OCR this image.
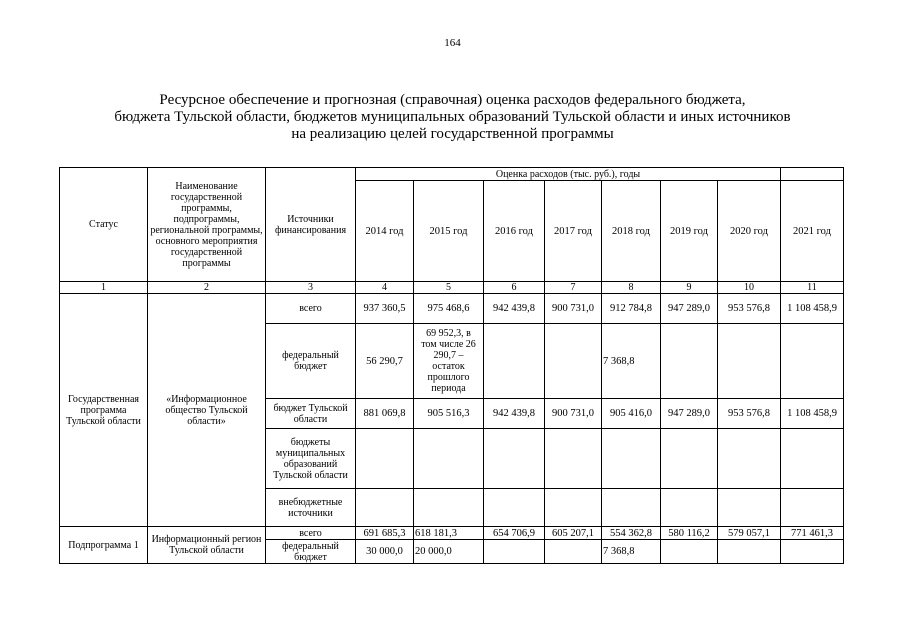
164
Ресурсное обеспечение и прогнозная (справочная) оценка расходов федерального бюджета,
бюджета Тульской области, бюджетов муниципальных образований Тульской области и иных источников
на реализацию целей государственной программы
Статус	Наименование государственной программы, подпрограммы, региональной программы, основного мероприятия государственной программы	Источники финансирования	Оценка расходов (тыс. руб.), годы							
			2014 год	2015 год	2016 год	2017 год	2018 год	2019 год	2020 год	2021 год
1	2	3	4	5	6	7	8	9	10	11
Государственная программа Тульской области	«Информационное общество Тульской области»	всего	937 360,5	975 468,6	942 439,8	900 731,0	912 784,8	947 289,0	953 576,8	1 108 458,9
		федеральный бюджет	56 290,7	69 952,3, в том числе 26 290,7 – остаток прошлого периода			7 368,8			
		бюджет Тульской области	881 069,8	905 516,3	942 439,8	900 731,0	905 416,0	947 289,0	953 576,8	1 108 458,9
		бюджеты муниципальных образований Тульской области								
		внебюджетные источники								
Подпрограмма 1	Информационный регион Тульской области	всего	691 685,3	618 181,3	654 706,9	605 207,1	554 362,8	580 116,2	579 057,1	771 461,3
		федеральный бюджет	30 000,0	20 000,0			7 368,8			
